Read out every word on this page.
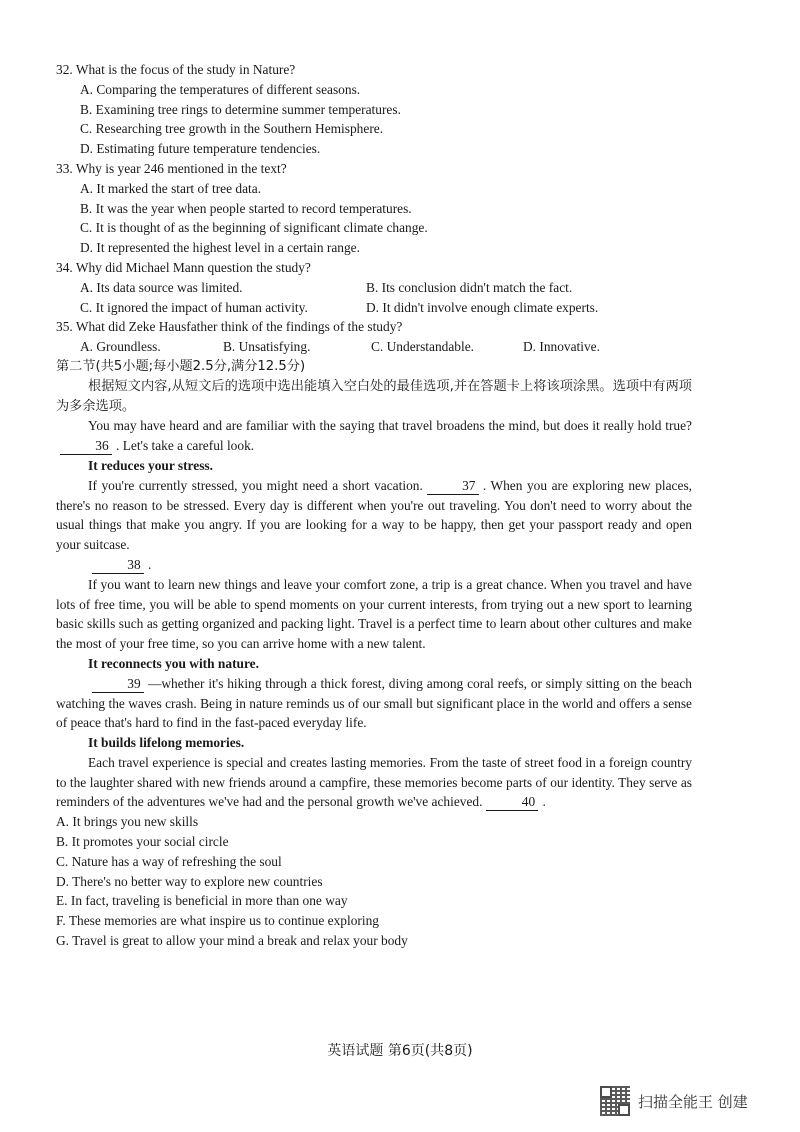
32. What is the focus of the study in Nature?

A. Comparing the temperatures of different seasons.

B. Examining tree rings to determine summer temperatures.

C. Researching tree growth in the Southern Hemisphere.

D. Estimating future temperature tendencies.

33. Why is year 246 mentioned in the text?

A. It marked the start of tree data.

B. It was the year when people started to record temperatures.

C. It is thought of as the beginning of significant climate change.

D. It represented the highest level in a certain range.

34. Why did Michael Mann question the study?

A. Its data source was limited.	B. Its conclusion didn't match the fact.
C. It ignored the impact of human activity.	D. It didn't involve enough climate experts.

35. What did Zeke Hausfather think of the findings of the study?

A. Groundless.	B. Unsatisfying.	C. Understandable.	D. Innovative.

第二节(共5小题;每小题2.5分,满分12.5分)

根据短文内容,从短文后的选项中选出能填入空白处的最佳选项,并在答题卡上将该项涂黑。选项中有两项为多余选项。

You may have heard and are familiar with the saying that travel broadens the mind, but does it really hold true?36 . Let's take a careful look.

It reduces your stress.

If you're currently stressed, you might need a short vacation.	37 . When you are exploring new places, there's no reason to be stressed. Every day is different when you're out traveling. You don't need to worry about the usual things that make you angry. If you are looking for a way to be happy, then get your passport ready and open your suitcase.

38 .

If you want to learn new things and leave your comfort zone, a trip is a great chance. When you travel and have lots of free time, you will be able to spend moments on your current interests, from trying out a new sport to learning basic skills such as getting organized and packing light. Travel is a perfect time to learn about other cultures and make the most of your free time, so you can arrive home with a new talent.

It reconnects you with nature.

39 —whether it's hiking through a thick forest, diving among coral reefs, or simply sitting on the beach watching the waves crash. Being in nature reminds us of our small but significant place in the world and offers a sense of peace that's hard to find in the fast-paced everyday life.

It builds lifelong memories.

Each travel experience is special and creates lasting memories. From the taste of street food in a foreign country to the laughter shared with new friends around a campfire, these memories become parts of our identity. They serve as reminders of the adventures we've had and the personal growth we've achieved.	40 .

A. It brings you new skills

B. It promotes your social circle

C. Nature has a way of refreshing the soul

D. There's no better way to explore new countries

E. In fact, traveling is beneficial in more than one way

F. These memories are what inspire us to continue exploring

G. Travel is great to allow your mind a break and relax your body

英语试题 第6页(共8页)
扫描全能王 创建
